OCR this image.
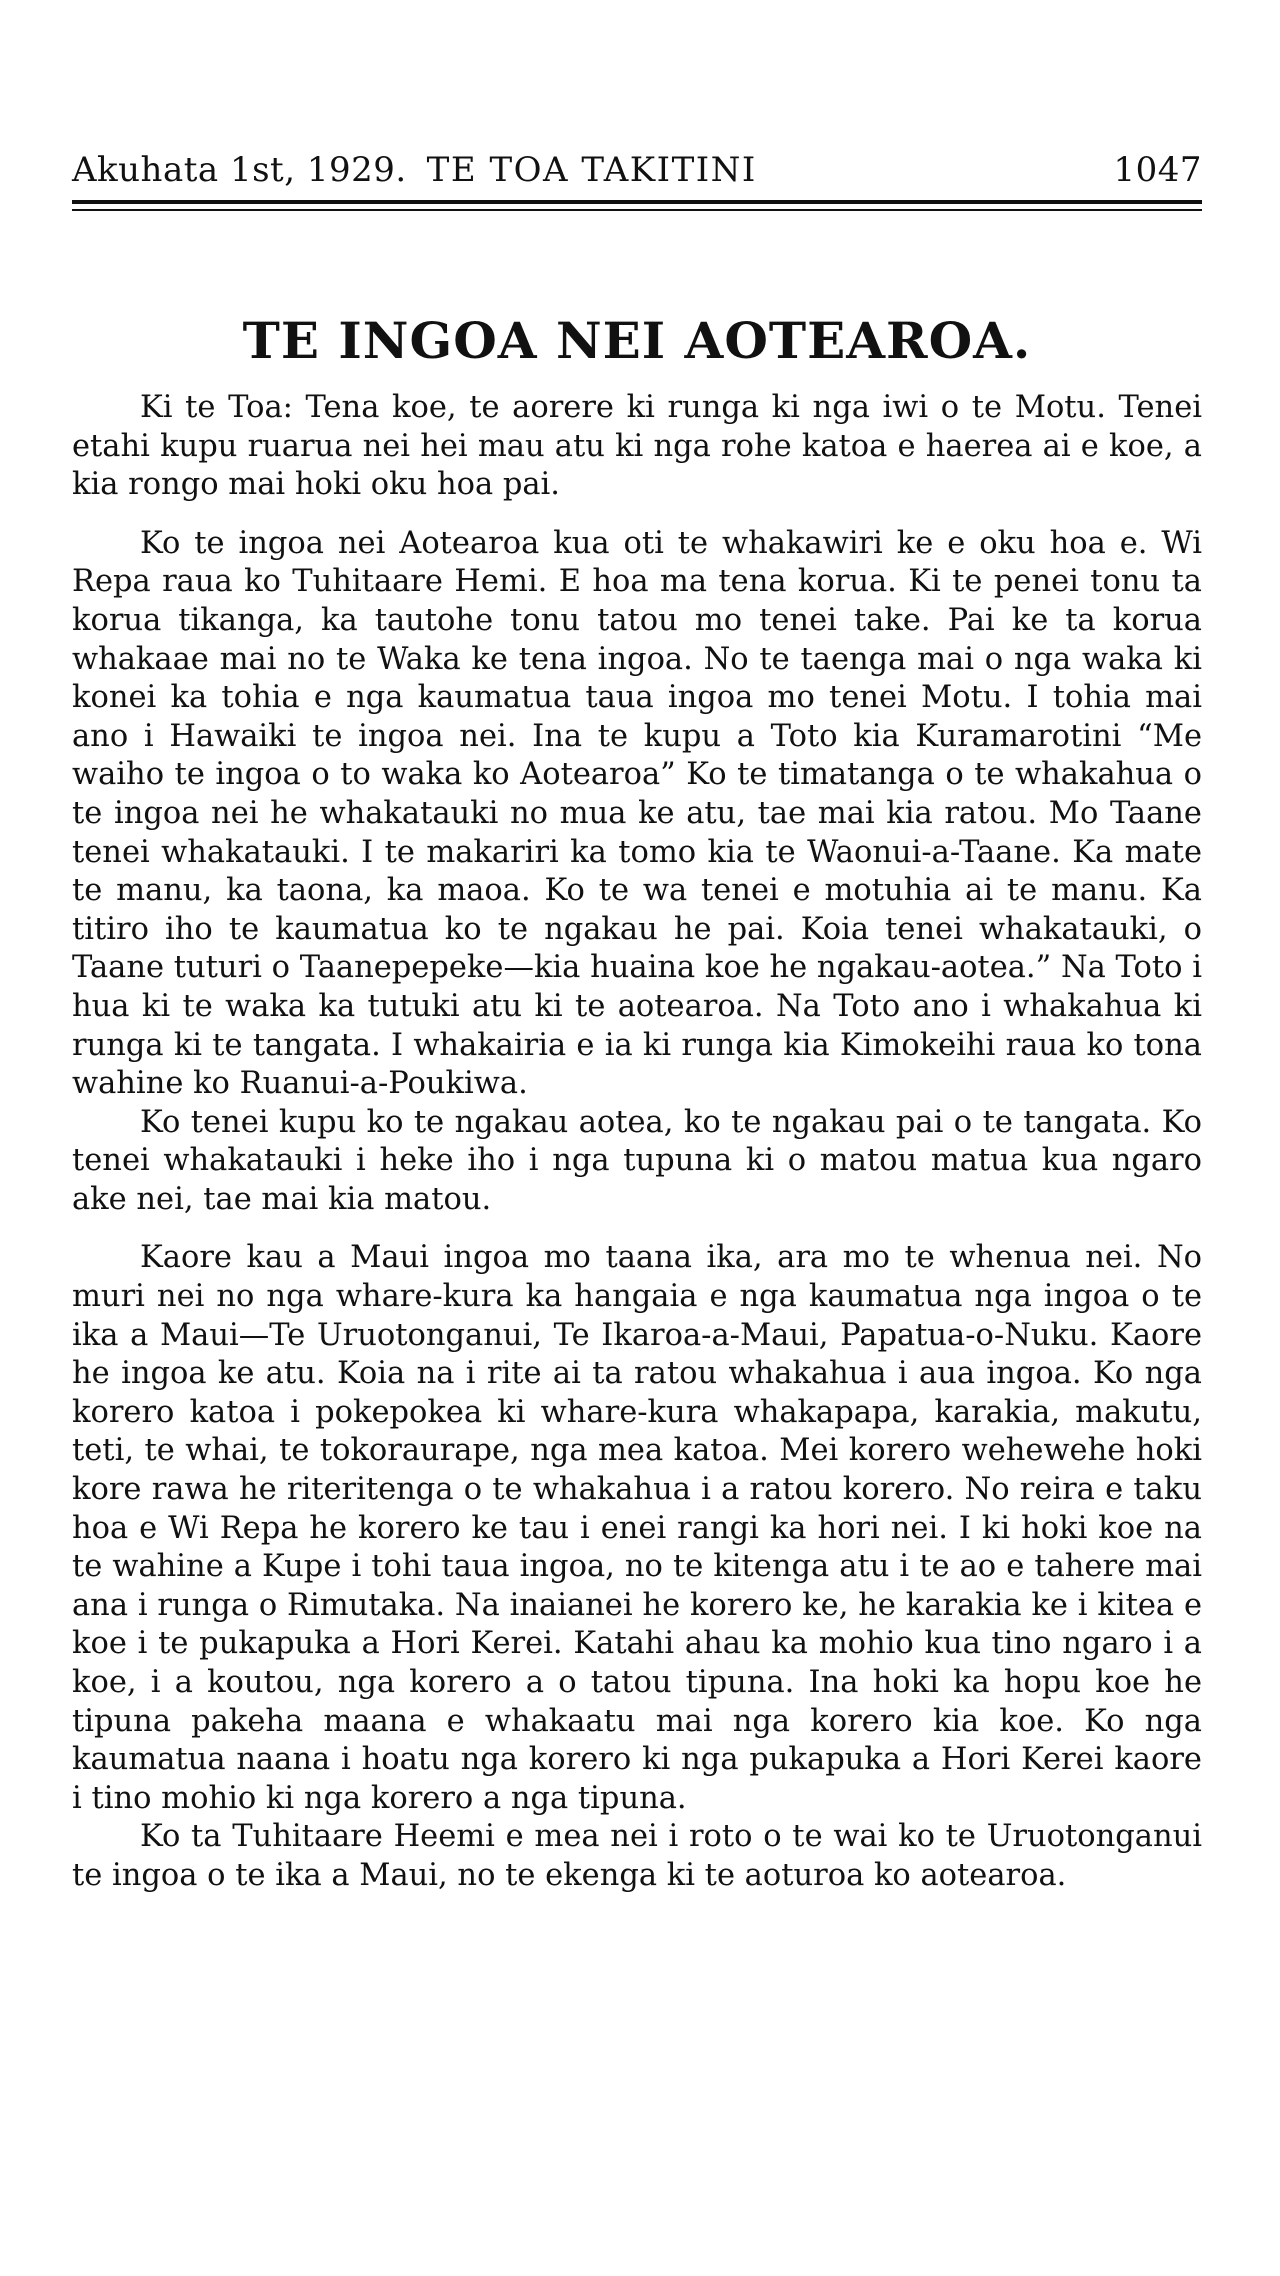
Akuhata 1st, 1929. TE TOA TAKITINI	1047
TE INGOA NEI AOTEAROA.

Ki te Toa: Tena koe, te aorere ki runga ki nga iwi o te Motu. Tenei etahi kupu ruarua nei hei mau atu ki nga rohe katoa e haerea ai e koe, a kia rongo mai hoki oku hoa pai.

Ko te ingoa nei Aotearoa kua oti te whakawiri ke e oku hoa e. Wi Repa raua ko Tuhitaare Hemi. E hoa ma tena korua. Ki te penei tonu ta korua tikanga, ka tautohe tonu tatou mo tenei take. Pai ke ta korua whakaae mai no te Waka ke tena ingoa. No te taenga mai o nga waka ki konei ka tohia e nga kaumatua taua ingoa mo tenei Motu. I tohia mai ano i Hawaiki te ingoa nei. Ina te kupu a Toto kia Kuramarotini “Me waiho te ingoa o to waka ko Aotearoa” Ko te timatanga o te whakahua o te ingoa nei he whakatauki no mua ke atu, tae mai kia ratou. Mo Taane tenei whakatauki. I te makariri ka tomo kia te Waonui-a-Taane. Ka mate te manu, ka taona, ka maoa. Ko te wa tenei e motuhia ai te manu. Ka titiro iho te kaumatua ko te ngakau he pai. Koia tenei whakatauki, o Taane tuturi o Taanepepeke—kia huaina koe he ngakau-aotea.” Na Toto i hua ki te waka ka tutuki atu ki te aotearoa. Na Toto ano i whakahua ki runga ki te tangata. I whakairia e ia ki runga kia Kimokeihi raua ko tona wahine ko Ruanui-a-Poukiwa.

Ko tenei kupu ko te ngakau aotea, ko te ngakau pai o te tangata. Ko tenei whakatauki i heke iho i nga tupuna ki o matou matua kua ngaro ake nei, tae mai kia matou.

Kaore kau a Maui ingoa mo taana ika, ara mo te whenua nei. No muri nei no nga whare-kura ka hangaia e nga kaumatua nga ingoa o te ika a Maui—Te Uruotonganui, Te Ikaroa-a-Maui, Papatua-o-Nuku. Kaore he ingoa ke atu. Koia na i rite ai ta ratou whakahua i aua ingoa. Ko nga korero katoa i pokepokea ki whare-kura whakapapa, karakia, makutu, teti, te whai, te tokoraurape, nga mea katoa. Mei korero wehewehe hoki kore rawa he riteritenga o te whakahua i a ratou korero. No reira e taku hoa e Wi Repa he korero ke tau i enei rangi ka hori nei. I ki hoki koe na te wahine a Kupe i tohi taua ingoa, no te kitenga atu i te ao e tahere mai ana i runga o Rimutaka. Na inaianei he korero ke, he karakia ke i kitea e koe i te pukapuka a Hori Kerei. Katahi ahau ka mohio kua tino ngaro i a koe, i a koutou, nga korero a o tatou tipuna. Ina hoki ka hopu koe he tipuna pakeha maana e whakaatu mai nga korero kia koe. Ko nga kaumatua naana i hoatu nga korero ki nga pukapuka a Hori Kerei kaore i tino mohio ki nga korero a nga tipuna.

Ko ta Tuhitaare Heemi e mea nei i roto o te wai ko te Uruotonganui te ingoa o te ika a Maui, no te ekenga ki te aoturoa ko aotearoa.
